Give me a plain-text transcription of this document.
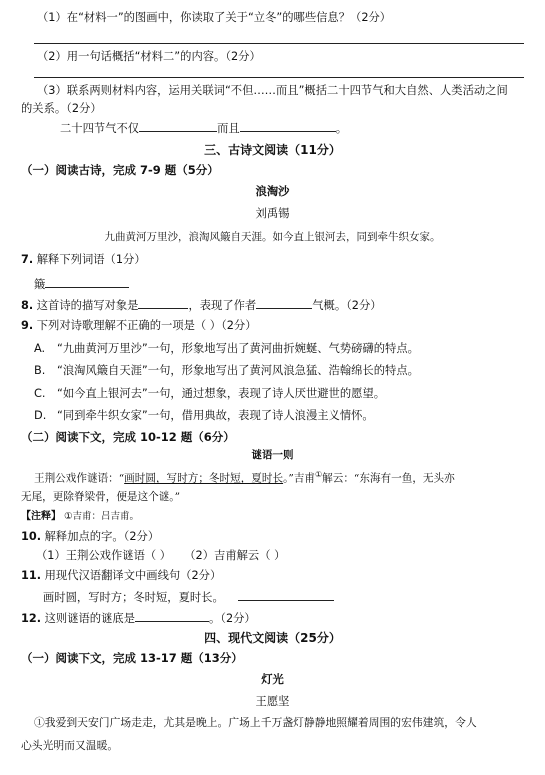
（1）在“材料一”的图画中，你读取了关于“立冬”的哪些信息？（2分）
（2）用一句话概括“材料二”的内容。（2分）
（3）联系两则材料内容，运用关联词“不但……而且”概括二十四节气和大自然、人类活动之间
的关系。（2分）
二十四节气不仅	而且	。
三、古诗文阅读（11分）
（一）阅读古诗，完成 7-9 题（5分）
浪淘沙
刘禹锡
九曲黄河万里沙，浪淘风簸自天涯。如今直上银河去，同到牵牛织女家。
7. 解释下列词语（1分）
簸
8. 这首诗的描写对象是	，表现了作者	气概。（2分）
9. 下列对诗歌理解不正确的一项是（ ）（2分）
A. “九曲黄河万里沙”一句，形象地写出了黄河曲折婉蜒、气势磅礴的特点。
B. “浪淘风簸自天涯”一句，形象地写出了黄河风浪急猛、浩翰绵长的特点。
C. “如今直上银河去”一句，通过想象，表现了诗人厌世避世的愿望。
D. “同到牵牛织女家”一句，借用典故，表现了诗人浪漫主义情怀。
（二）阅读下文，完成 10-12 题（6分）
谜语一则
王荆公戏作谜语：“画时圆，写时方；冬时短，夏时长。”吉甫①解云：“东海有一鱼，无头亦
无尾，更除脊梁骨，便是这个谜。”
【注释】 ①吉甫：吕吉甫。
10. 解释加点的字。（2分）
（1）王荆公戏作谜语（ ） （2）吉甫解云（ ）
11. 用现代汉语翻译文中画线句（2分）
画时圆，写时方；冬时短，夏时长。
12. 这则谜语的谜底是	。（2分）
四、现代文阅读（25分）
（一）阅读下文，完成 13-17 题（13分）
灯光
王愿坚
①我爱到天安门广场走走，尤其是晚上。广场上千万盏灯静静地照耀着周围的宏伟建筑，令人
心头光明而又温暖。
